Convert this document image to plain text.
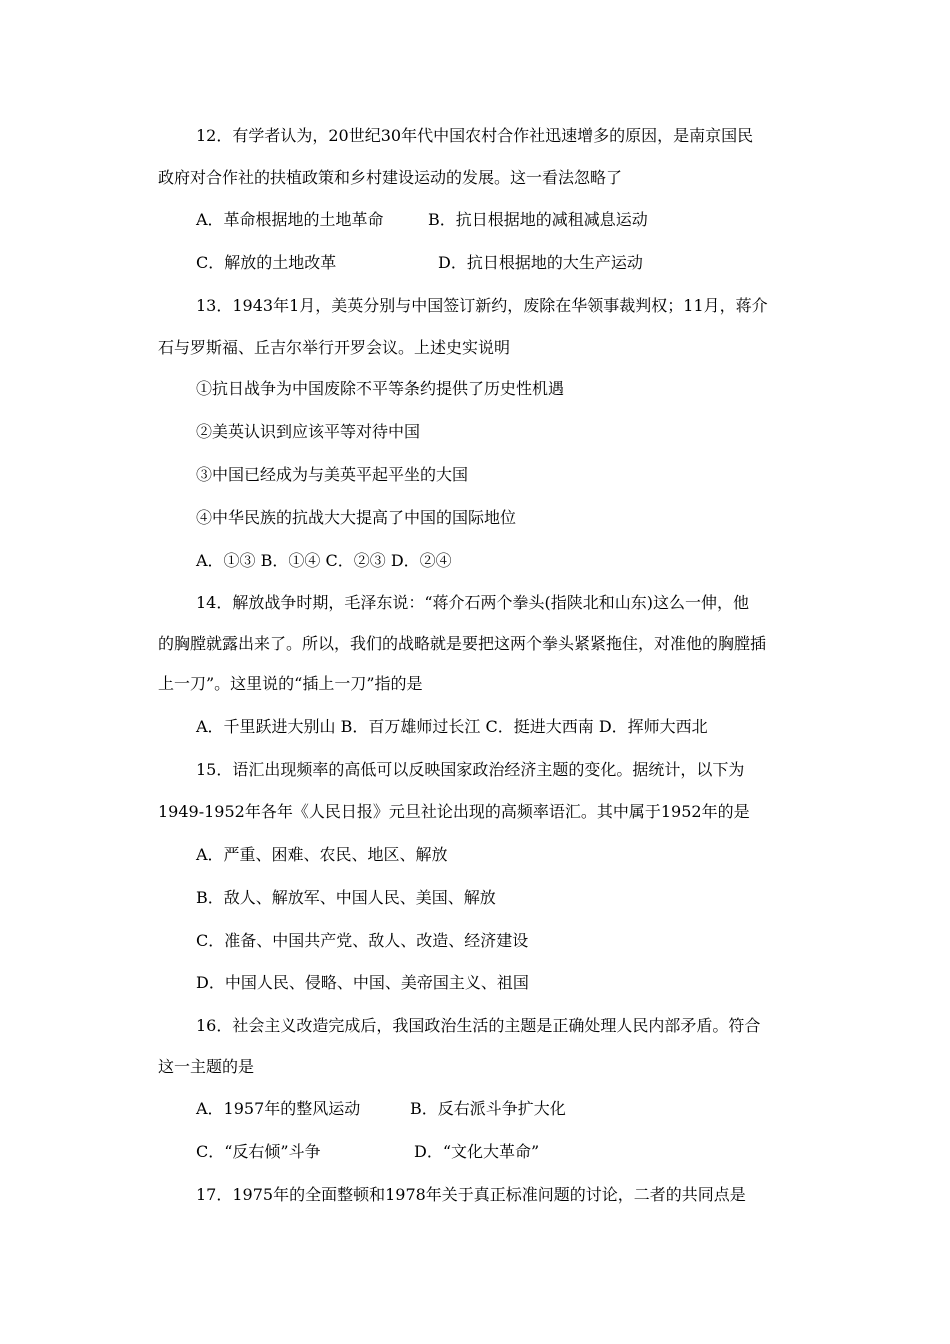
12．有学者认为，20世纪30年代中国农村合作社迅速增多的原因，是南京国民
政府对合作社的扶植政策和乡村建设运动的发展。这一看法忽略了
A．革命根据地的土地革命	B．抗日根据地的减租减息运动
C．解放的土地改革	D．抗日根据地的大生产运动
13．1943年1月，美英分别与中国签订新约，废除在华领事裁判权；11月，蒋介
石与罗斯福、丘吉尔举行开罗会议。上述史实说明
①抗日战争为中国废除不平等条约提供了历史性机遇
②美英认识到应该平等对待中国
③中国已经成为与美英平起平坐的大国
④中华民族的抗战大大提高了中国的国际地位
A．①③ B．①④ C．②③ D．②④
14．解放战争时期，毛泽东说：“蒋介石两个拳头(指陕北和山东)这么一伸，他
的胸膛就露出来了。所以，我们的战略就是要把这两个拳头紧紧拖住，对准他的胸膛插
上一刀”。这里说的“插上一刀”指的是
A．千里跃进大别山 B．百万雄师过长江 C．挺进大西南 D．挥师大西北
15．语汇出现频率的高低可以反映国家政治经济主题的变化。据统计，以下为
1949-1952年各年《人民日报》元旦社论出现的高频率语汇。其中属于1952年的是
A．严重、困难、农民、地区、解放
B．敌人、解放军、中国人民、美国、解放
C．准备、中国共产党、敌人、改造、经济建设
D．中国人民、侵略、中国、美帝国主义、祖国
16．社会主义改造完成后，我国政治生活的主题是正确处理人民内部矛盾。符合
这一主题的是
A．1957年的整风运动	B．反右派斗争扩大化
C．“反右倾”斗争	D．“文化大革命”
17．1975年的全面整顿和1978年关于真正标准问题的讨论，二者的共同点是
